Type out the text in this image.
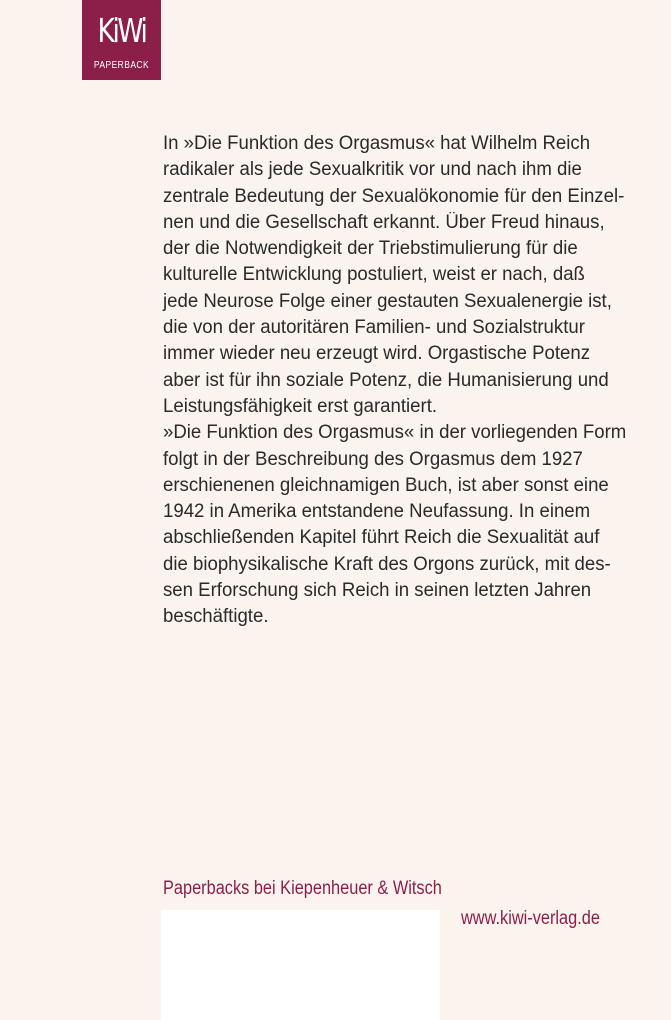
KiWi
PAPERBACK

In »Die Funktion des Orgasmus« hat Wilhelm Reich
radikaler als jede Sexualkritik vor und nach ihm die
zentrale Bedeutung der Sexualökonomie für den Einzel-
nen und die Gesellschaft erkannt. Über Freud hinaus,
der die Notwendigkeit der Triebstimulierung für die
kulturelle Entwicklung postuliert, weist er nach, daß
jede Neurose Folge einer gestauten Sexualenergie ist,
die von der autoritären Familien- und Sozialstruktur
immer wieder neu erzeugt wird. Orgastische Potenz
aber ist für ihn soziale Potenz, die Humanisierung und
Leistungsfähigkeit erst garantiert.

»Die Funktion des Orgasmus« in der vorliegenden Form
folgt in der Beschreibung des Orgasmus dem 1927
erschienenen gleichnamigen Buch, ist aber sonst eine
1942 in Amerika entstandene Neufassung. In einem
abschließenden Kapitel führt Reich die Sexualität auf
die biophysikalische Kraft des Orgons zurück, mit des-
sen Erforschung sich Reich in seinen letzten Jahren
beschäftigte.

Paperbacks bei Kiepenheuer & Witsch
www.kiwi-verlag.de
